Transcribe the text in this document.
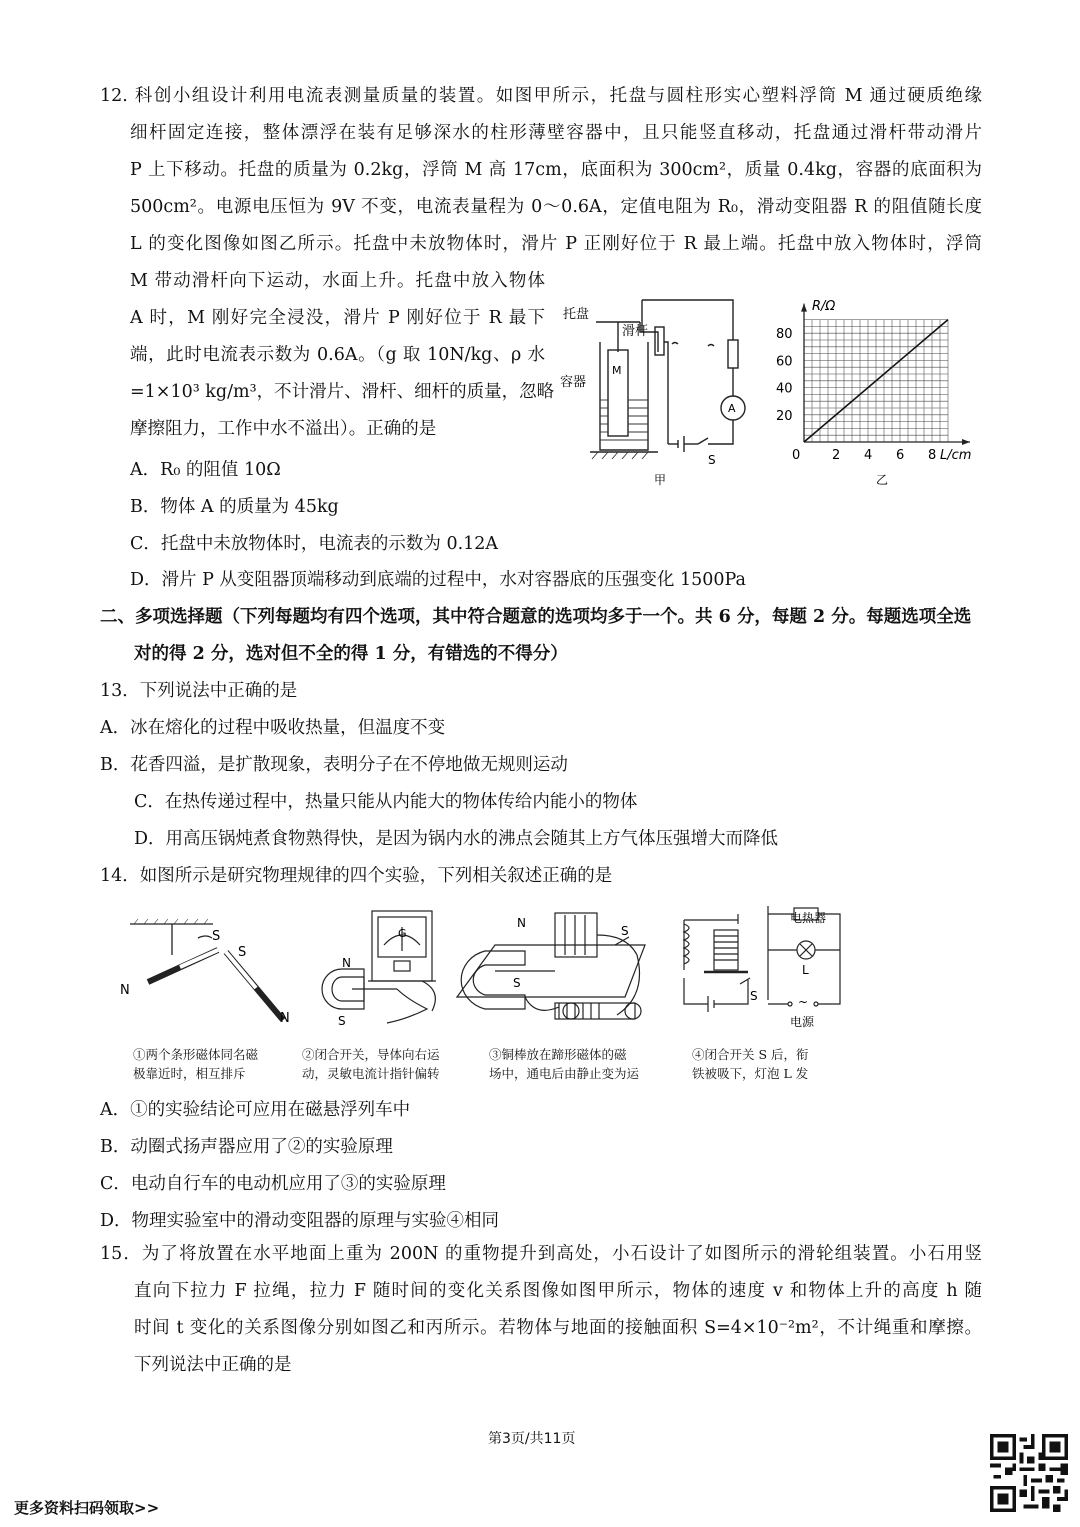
12. 科创小组设计利用电流表测量质量的装置。如图甲所示，托盘与圆柱形实心塑料浮筒 M 通过硬质绝缘
细杆固定连接，整体漂浮在装有足够深水的柱形薄壁容器中，且只能竖直移动，托盘通过滑杆带动滑片
P 上下移动。托盘的质量为 0.2kg，浮筒 M 高 17cm，底面积为 300cm²，质量 0.4kg，容器的底面积为
500cm²。电源电压恒为 9V 不变，电流表量程为 0～0.6A，定值电阻为 R₀，滑动变阻器 R 的阻值随长度
L 的变化图像如图乙所示。托盘中未放物体时，滑片 P 正刚好位于 R 最上端。托盘中放入物体时，浮筒
M 带动滑杆向下运动，水面上升。托盘中放入物体
A 时，M 刚好完全浸没，滑片 P 刚好位于 R 最下
端，此时电流表示数为 0.6A。（g 取 10N/kg、ρ 水
=1×10³ kg/m³，不计滑片、滑杆、细杆的质量，忽略
摩擦阻力，工作中水不溢出）。正确的是
A．R₀ 的阻值 10Ω
B．物体 A 的质量为 45kg
C．托盘中未放物体时，电流表的示数为 0.12A
D．滑片 P 从变阻器顶端移动到底端的过程中，水对容器底的压强变化 1500Pa
托盘
滑杆
容器
M
A
S
甲
2 4 6 8
20
40
60
80
R/Ω
L/cm
0
乙
二、多项选择题（下列每题均有四个选项，其中符合题意的选项均多于一个。共 6 分，每题 2 分。每题选项全选
对的得 2 分，选对但不全的得 1 分，有错选的不得分）
13．下列说法中正确的是
A．冰在熔化的过程中吸收热量，但温度不变
B．花香四溢，是扩散现象，表明分子在不停地做无规则运动
C．在热传递过程中，热量只能从内能大的物体传给内能小的物体
D．用高压锅炖煮食物熟得快，是因为锅内水的沸点会随其上方气体压强增大而降低
14．如图所示是研究物理规律的四个实验，下列相关叙述正确的是
S
S
N
N
G
N
S
N
S
S
电热器
L
S	~
电源
①两个条形磁体同名磁
极靠近时，相互排斥
②闭合开关，导体向右运
动，灵敏电流计指针偏转
③铜棒放在蹄形磁体的磁
场中，通电后由静止变为运
④闭合开关 S 后，衔
铁被吸下，灯泡 L 发
A．①的实验结论可应用在磁悬浮列车中
B．动圈式扬声器应用了②的实验原理
C．电动自行车的电动机应用了③的实验原理
D．物理实验室中的滑动变阻器的原理与实验④相同
15．为了将放置在水平地面上重为 200N 的重物提升到高处，小石设计了如图所示的滑轮组装置。小石用竖
直向下拉力 F 拉绳，拉力 F 随时间的变化关系图像如图甲所示，物体的速度 v 和物体上升的高度 h 随
时间 t 变化的关系图像分别如图乙和丙所示。若物体与地面的接触面积 S=4×10⁻²m²，不计绳重和摩擦。
下列说法中正确的是
第3页/共11页
更多资料扫码领取>>
